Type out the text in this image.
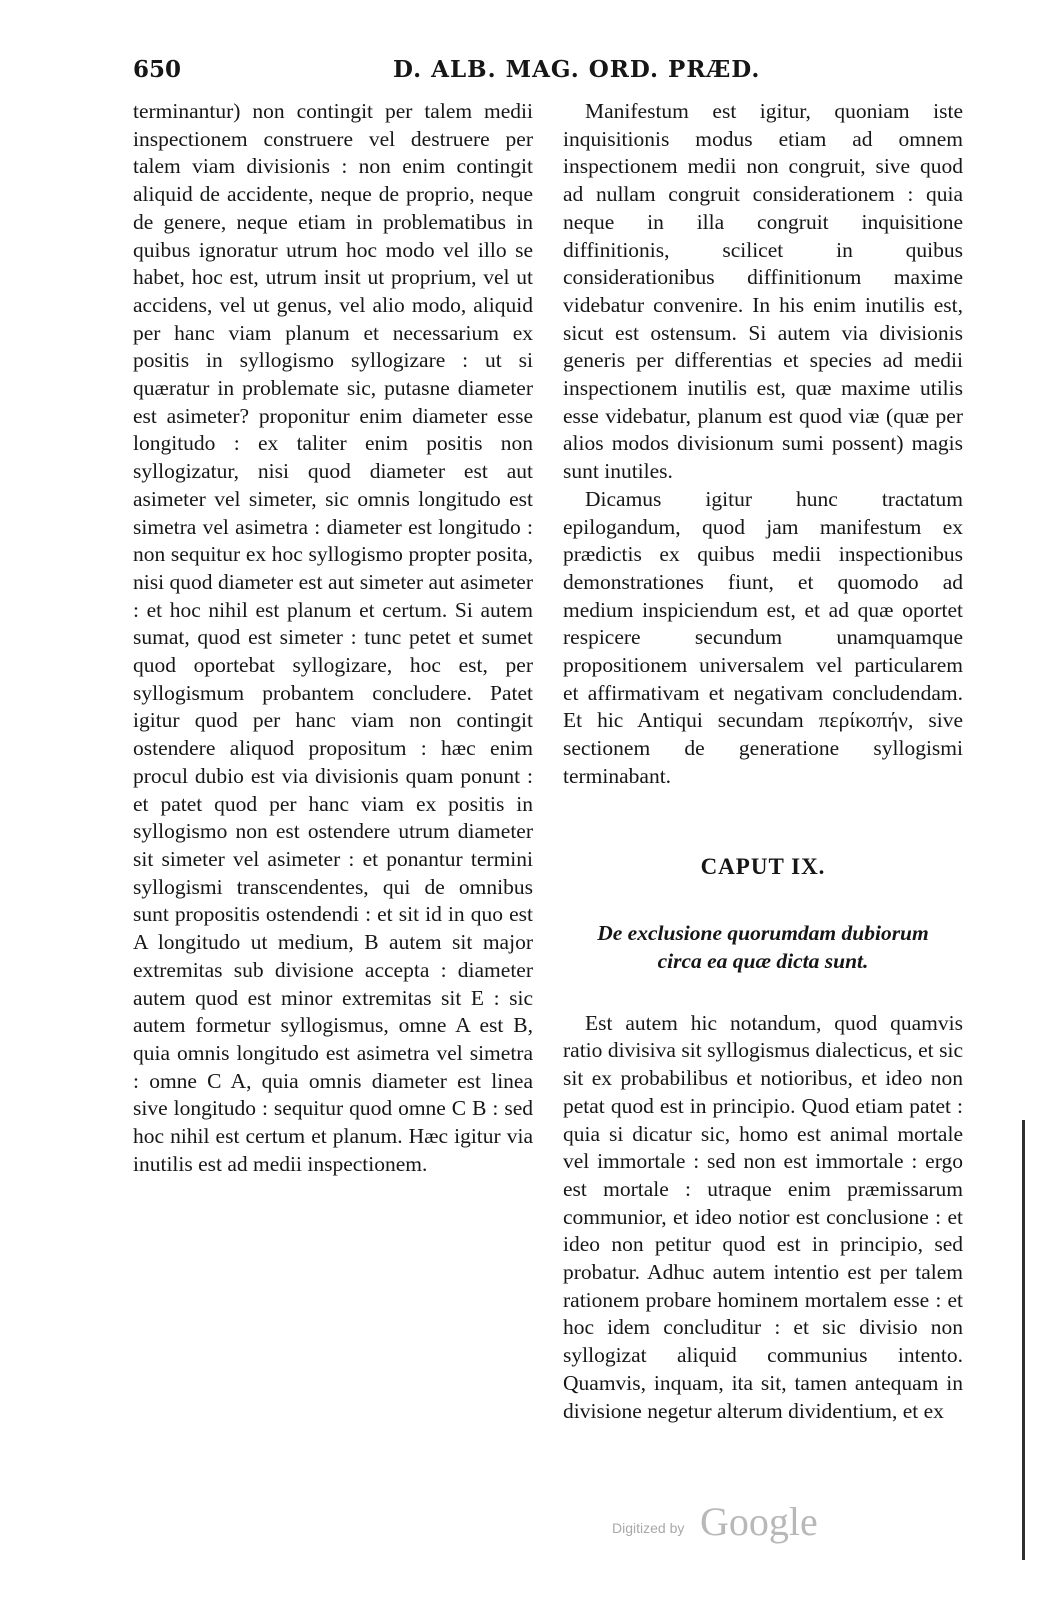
650	D. ALB. MAG. ORD. PRÆD.

terminantur) non contingit per talem medii inspectionem construere vel destruere per talem viam divisionis : non enim contingit aliquid de accidente, neque de proprio, neque de genere, neque etiam in problematibus in quibus ignoratur utrum hoc modo vel illo se habet, hoc est, utrum insit ut proprium, vel ut accidens, vel ut genus, vel alio modo, aliquid per hanc viam planum et necessarium ex positis in syllogismo syllogizare : ut si quæratur in problemate sic, putasne diameter est asimeter? proponitur enim diameter esse longitudo : ex taliter enim positis non syllogizatur, nisi quod diameter est aut asimeter vel simeter, sic omnis longitudo est simetra vel asimetra : diameter est longitudo : non sequitur ex hoc syllogismo propter posita, nisi quod diameter est aut simeter aut asimeter : et hoc nihil est planum et certum. Si autem sumat, quod est simeter : tunc petet et sumet quod oportebat syllogizare, hoc est, per syllogismum probantem concludere. Patet igitur quod per hanc viam non contingit ostendere aliquod propositum : hæc enim procul dubio est via divisionis quam ponunt : et patet quod per hanc viam ex positis in syllogismo non est ostendere utrum diameter sit simeter vel asimeter : et ponantur termini syllogismi transcendentes, qui de omnibus sunt propositis ostendendi : et sit id in quo est A longitudo ut medium, B autem sit major extremitas sub divisione accepta : diameter autem quod est minor extremitas sit E : sic autem formetur syllogismus, omne A est B, quia omnis longitudo est asimetra vel simetra : omne C A, quia omnis diameter est linea sive longitudo : sequitur quod omne C B : sed hoc nihil est certum et planum. Hæc igitur via inutilis est ad medii inspectionem.

Manifestum est igitur, quoniam iste inquisitionis modus etiam ad omnem inspectionem medii non congruit, sive quod ad nullam congruit considerationem : quia neque in illa congruit inquisitione diffinitionis, scilicet in quibus considerationibus diffinitionum maxime videbatur convenire. In his enim inutilis est, sicut est ostensum. Si autem via divisionis generis per differentias et species ad medii inspectionem inutilis est, quæ maxime utilis esse videbatur, planum est quod viæ (quæ per alios modos divisionum sumi possent) magis sunt inutiles.

Dicamus igitur hunc tractatum epilogandum, quod jam manifestum ex prædictis ex quibus medii inspectionibus demonstrationes fiunt, et quomodo ad medium inspiciendum est, et ad quæ oportet respicere secundum unamquamque propositionem universalem vel particularem et affirmativam et negativam concludendam. Et hic Antiqui secundam περίκοπήν, sive sectionem de generatione syllogismi terminabant.

CAPUT IX.
De exclusione quorumdam dubiorum
circa ea quæ dicta sunt.

Est autem hic notandum, quod quamvis ratio divisiva sit syllogismus dialecticus, et sic sit ex probabilibus et notioribus, et ideo non petat quod est in principio. Quod etiam patet : quia si dicatur sic, homo est animal mortale vel immortale : sed non est immortale : ergo est mortale : utraque enim præmissarum communior, et ideo notior est conclusione : et ideo non petitur quod est in principio, sed probatur. Adhuc autem intentio est per talem rationem probare hominem mortalem esse : et hoc idem concluditur : et sic divisio non syllogizat aliquid communius intento. Quamvis, inquam, ita sit, tamen antequam in divisione negetur alterum dividentium, et ex

Digitized by Google
